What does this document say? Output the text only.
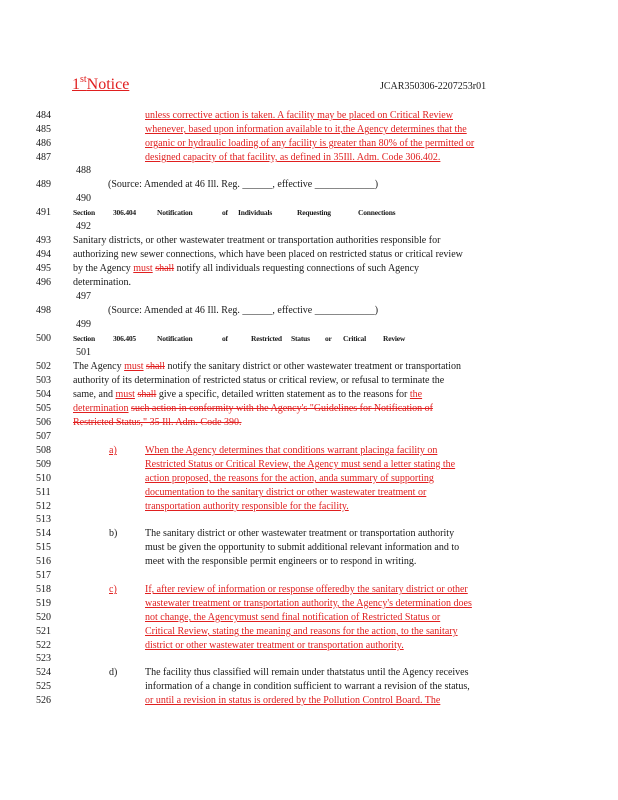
1stNotice	JCAR350306-2207253r01
484	unless corrective action is taken. A facility may be placed on Critical Review
485	whenever, based upon information available to it,the Agency determines that the
486	organic or hydraulic loading of any facility is greater than 80% of the permitted or
487	designed capacity of that facility, as defined in 35Ill. Adm. Code 306.402.
488
489	(Source: Amended at 46 Ill. Reg. ______, effective ____________)
490
491	Section 306.404	Notification	of Individuals	Requesting	Connections
492
493	Sanitary districts, or other wastewater treatment or transportation authorities responsible for
494	authorizing new sewer connections, which have been placed on restricted status or critical review
495	by the Agency must shall notify all individuals requesting connections of such Agency
496	determination.
497
498	(Source: Amended at 46 Ill. Reg. ______, effective ____________)
499
500	Section 306.405	Notification	of	Restricted Status or Critical Review
501
502	The Agency must shall notify the sanitary district or other wastewater treatment or transportation
503	authority of its determination of restricted status or critical review, or refusal to terminate the
504	same, and must shall give a specific, detailed written statement as to the reasons for the
505	determination such action in conformity with the Agency's "Guidelines for Notification of
506	Restricted Status," 35 Ill. Adm. Code 390.
507
508	a)	When the Agency determines that conditions warrant placinga facility on
509	Restricted Status or Critical Review, the Agency must send a letter stating the
510	action proposed, the reasons for the action, anda summary of supporting
511	documentation to the sanitary district or other wastewater treatment or
512	transportation authority responsible for the facility.
513
514	b)	The sanitary district or other wastewater treatment or transportation authority
515	must be given the opportunity to submit additional relevant information and to
516	meet with the responsible permit engineers or to respond in writing.
517
518	c)	If, after review of information or response offeredby the sanitary district or other
519	wastewater treatment or transportation authority, the Agency's determination does
520	not change, the Agencymust send final notification of Restricted Status or
521	Critical Review, stating the meaning and reasons for the action, to the sanitary
522	district or other wastewater treatment or transportation authority.
523
524	d)	The facility thus classified will remain under thatstatus until the Agency receives
525	information of a change in condition sufficient to warrant a revision of the status,
526	or until a revision in status is ordered by the Pollution Control Board. The
